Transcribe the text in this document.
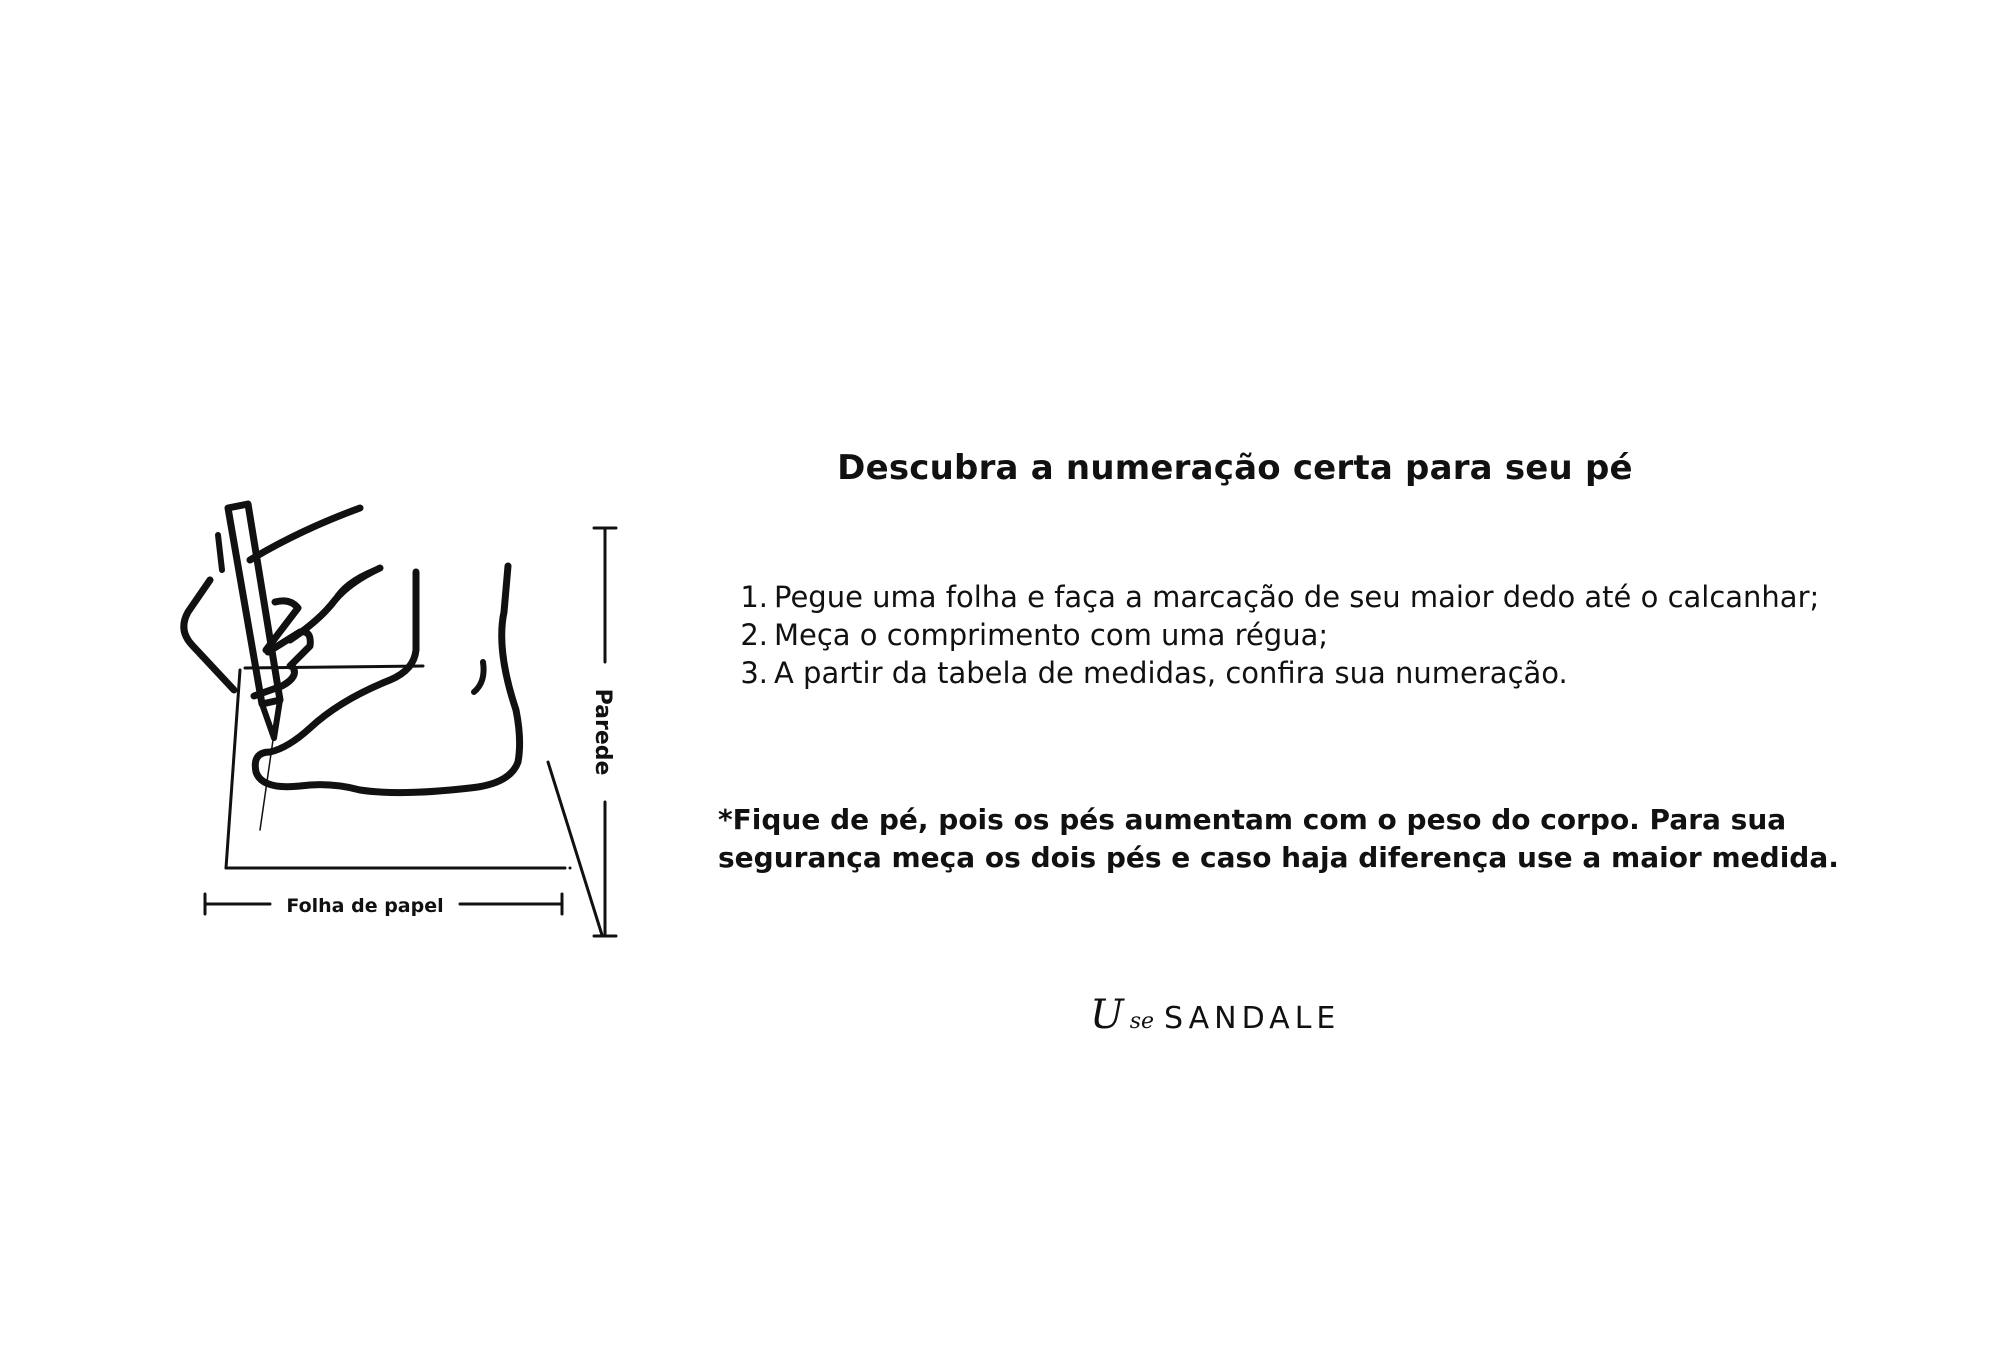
Parede
Folha de papel
Descubra a numeração certa para seu pé
1. Pegue uma folha e faça a marcação de seu maior dedo até o calcanhar;
2. Meça o comprimento com uma régua;
3. A partir da tabela de medidas, confira sua numeração.

*Fique de pé, pois os pés aumentam com o peso do corpo. Para sua
segurança meça os dois pés e caso haja diferença use a maior medida.

U se SANDALE
